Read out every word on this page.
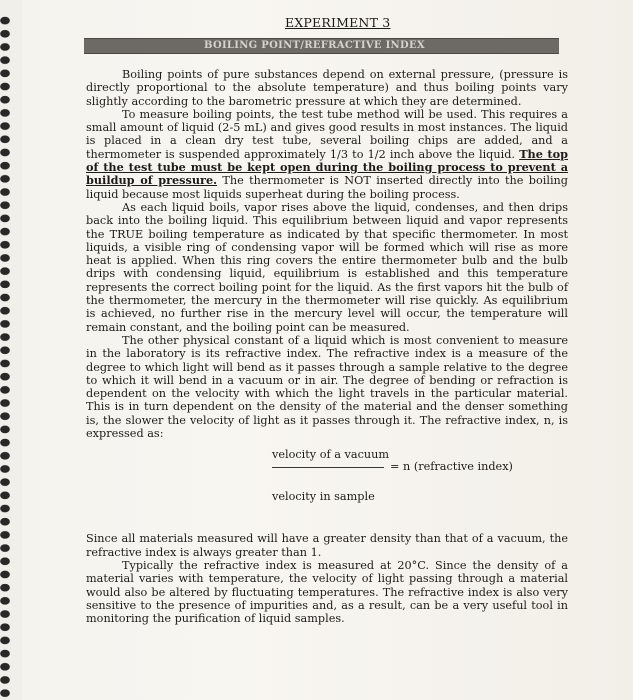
EXPERIMENT 3
BOILING POINT/REFRACTIVE INDEX

Boiling points of pure substances depend on external pressure, (pressure is directly proportional to the absolute temperature) and thus boiling points vary slightly according to the barometric pressure at which they are determined.

To measure boiling points, the test tube method will be used. This requires a small amount of liquid (2-5 mL) and gives good results in most instances. The liquid is placed in a clean dry test tube, several boiling chips are added, and a thermometer is suspended approximately 1/3 to 1/2 inch above the liquid. The top of the test tube must be kept open during the boiling process to prevent a buildup of pressure. The thermometer is NOT inserted directly into the boiling liquid because most liquids superheat during the boiling process.

As each liquid boils, vapor rises above the liquid, condenses, and then drips back into the boiling liquid. This equilibrium between liquid and vapor represents the TRUE boiling temperature as indicated by that specific thermometer. In most liquids, a visible ring of condensing vapor will be formed which will rise as more heat is applied. When this ring covers the entire thermometer bulb and the bulb drips with condensing liquid, equilibrium is established and this temperature represents the correct boiling point for the liquid. As the first vapors hit the bulb of the thermometer, the mercury in the thermometer will rise quickly. As equilibrium is achieved, no further rise in the mercury level will occur, the temperature will remain constant, and the boiling point can be measured.

The other physical constant of a liquid which is most convenient to measure in the laboratory is its refractive index. The refractive index is a measure of the degree to which light will bend as it passes through a sample relative to the degree to which it will bend in a vacuum or in air. The degree of bending or refraction is dependent on the velocity with which the light travels in the particular material. This is in turn dependent on the density of the material and the denser something is, the slower the velocity of light as it passes through it. The refractive index, n, is expressed as:

velocity of a vacuum
= n (refractive index)
velocity in sample

Since all materials measured will have a greater density than that of a vacuum, the refractive index is always greater than 1.

Typically the refractive index is measured at 20°C. Since the density of a material varies with temperature, the velocity of light passing through a material would also be altered by fluctuating temperatures. The refractive index is also very sensitive to the presence of impurities and, as a result, can be a very useful tool in monitoring the purification of liquid samples.
